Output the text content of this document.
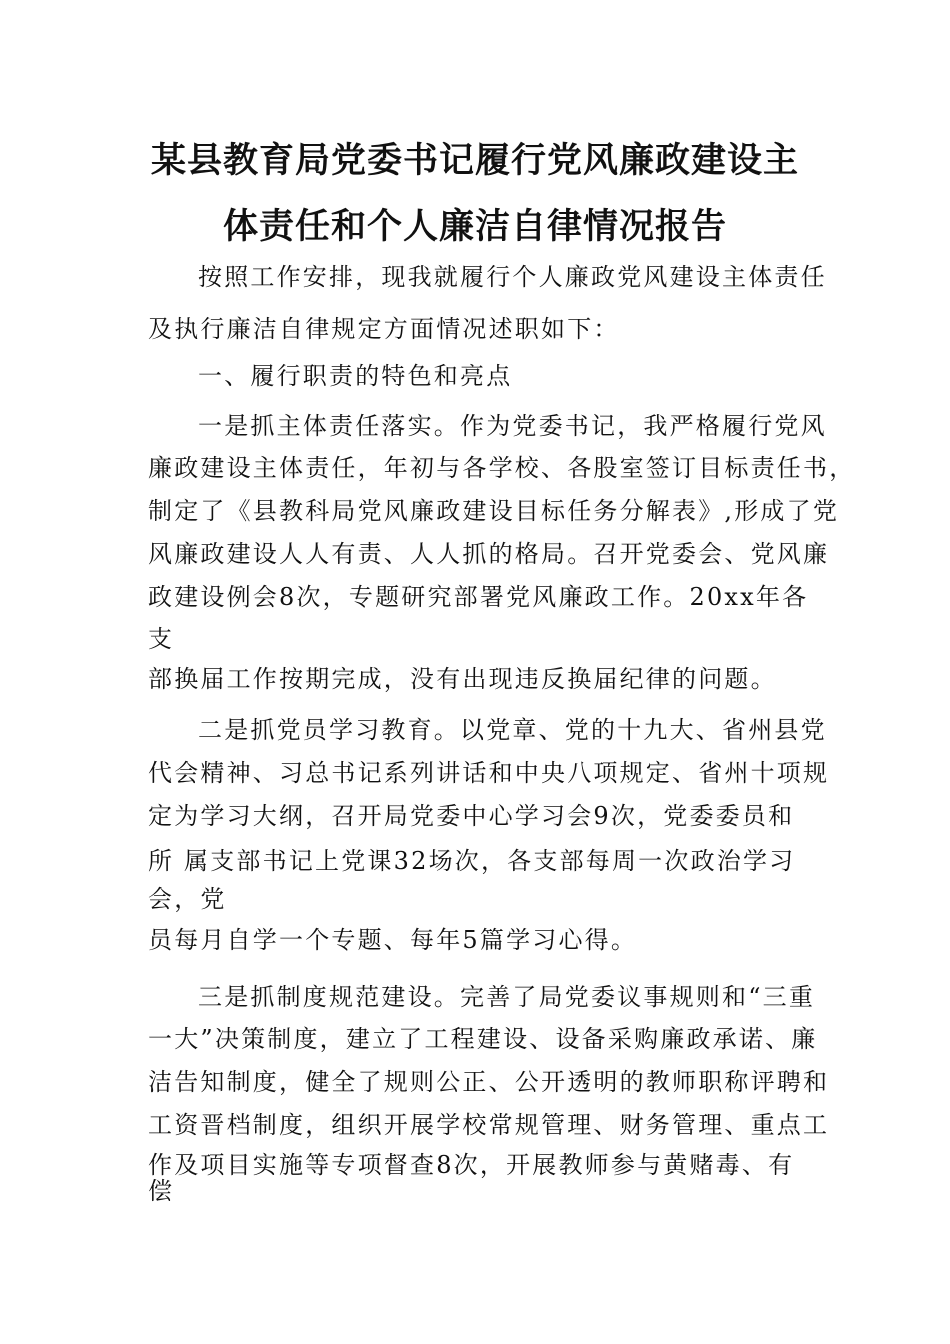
某县教育局党委书记履行党风廉政建设主
体责任和个人廉洁自律情况报告
按照工作安排，现我就履行个人廉政党风建设主体责任
及执行廉洁自律规定方面情况述职如下：
一、履行职责的特色和亮点
一是抓主体责任落实。作为党委书记，我严格履行党风
廉政建设主体责任，年初与各学校、各股室签订目标责任书，
制定了《县教科局党风廉政建设目标任务分解表》,形成了党
风廉政建设人人有责、人人抓的格局。召开党委会、党风廉
政建设例会8次，专题研究部署党风廉政工作。20xx年各
支
部换届工作按期完成，没有出现违反换届纪律的问题。
二是抓党员学习教育。以党章、党的十九大、省州县党
代会精神、习总书记系列讲话和中央八项规定、省州十项规
定为学习大纲，召开局党委中心学习会9次，党委委员和
所 属支部书记上党课32场次，各支部每周一次政治学习
会，党
员每月自学一个专题、每年5篇学习心得。
三是抓制度规范建设。完善了局党委议事规则和“三重
一大”决策制度，建立了工程建设、设备采购廉政承诺、廉
洁告知制度，健全了规则公正、公开透明的教师职称评聘和
工资晋档制度，组织开展学校常规管理、财务管理、重点工
作及项目实施等专项督查8次，开展教师参与黄赌毒、有
偿
